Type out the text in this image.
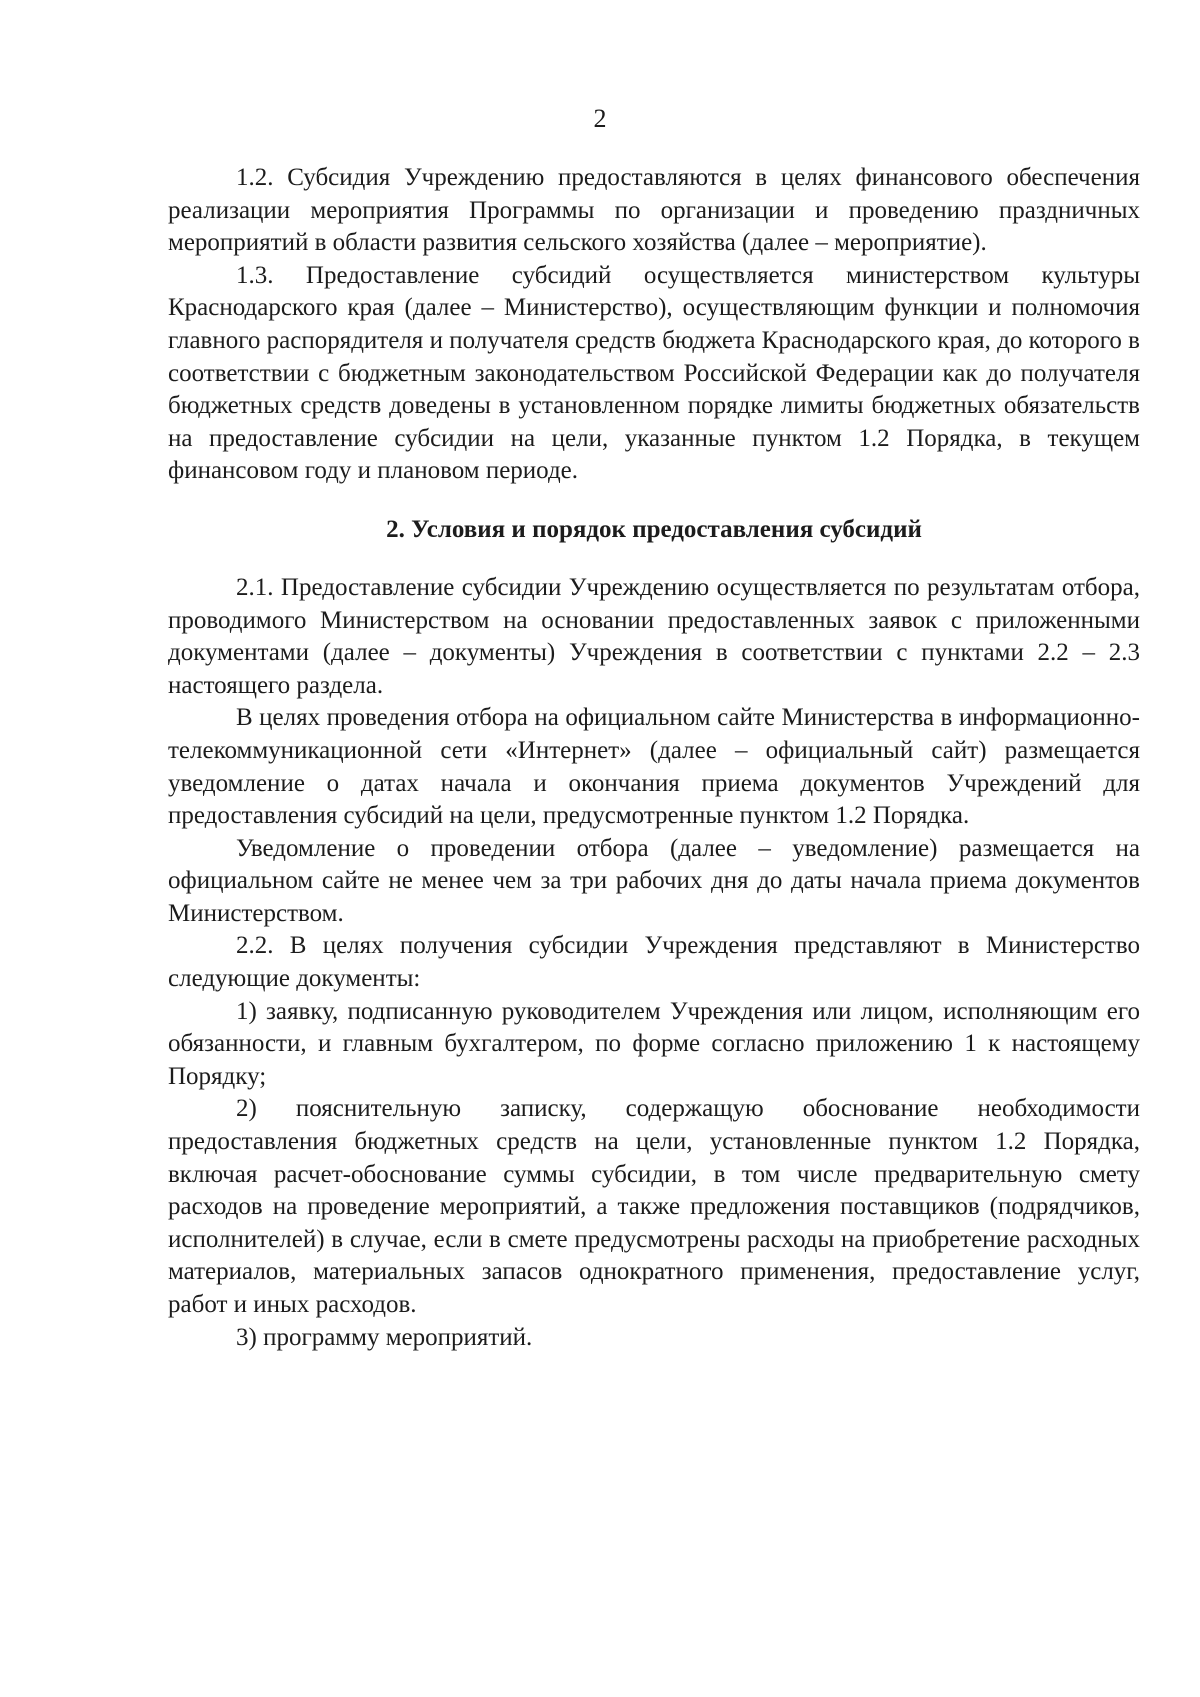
2

1.2. Субсидия Учреждению предоставляются в целях финансового обеспечения реализации мероприятия Программы по организации и проведению праздничных мероприятий в области развития сельского хозяйства (далее – мероприятие).

1.3. Предоставление субсидий осуществляется министерством культуры Краснодарского края (далее – Министерство), осуществляющим функции и полномочия главного распорядителя и получателя средств бюджета Краснодарского края, до которого в соответствии с бюджетным законодательством Российской Федерации как до получателя бюджетных средств доведены в установленном порядке лимиты бюджетных обязательств на предоставление субсидии на цели, указанные пунктом 1.2 Порядка, в текущем финансовом году и плановом периоде.

2. Условия и порядок предоставления субсидий

2.1. Предоставление субсидии Учреждению осуществляется по результатам отбора, проводимого Министерством на основании предоставленных заявок с приложенными документами (далее – документы) Учреждения в соответствии с пунктами 2.2 – 2.3 настоящего раздела.

В целях проведения отбора на официальном сайте Министерства в информационно-телекоммуникационной сети «Интернет» (далее – официальный сайт) размещается уведомление о датах начала и окончания приема документов Учреждений для предоставления субсидий на цели, предусмотренные пунктом 1.2 Порядка.

Уведомление о проведении отбора (далее – уведомление) размещается на официальном сайте не менее чем за три рабочих дня до даты начала приема документов Министерством.

2.2. В целях получения субсидии Учреждения представляют в Министерство следующие документы:

1) заявку, подписанную руководителем Учреждения или лицом, исполняющим его обязанности, и главным бухгалтером, по форме согласно приложению 1 к настоящему Порядку;

2) пояснительную записку, содержащую обоснование необходимости предоставления бюджетных средств на цели, установленные пунктом 1.2 Порядка, включая расчет-обоснование суммы субсидии, в том числе предварительную смету расходов на проведение мероприятий, а также предложения поставщиков (подрядчиков, исполнителей) в случае, если в смете предусмотрены расходы на приобретение расходных материалов, материальных запасов однократного применения, предоставление услуг, работ и иных расходов.

3) программу мероприятий.
